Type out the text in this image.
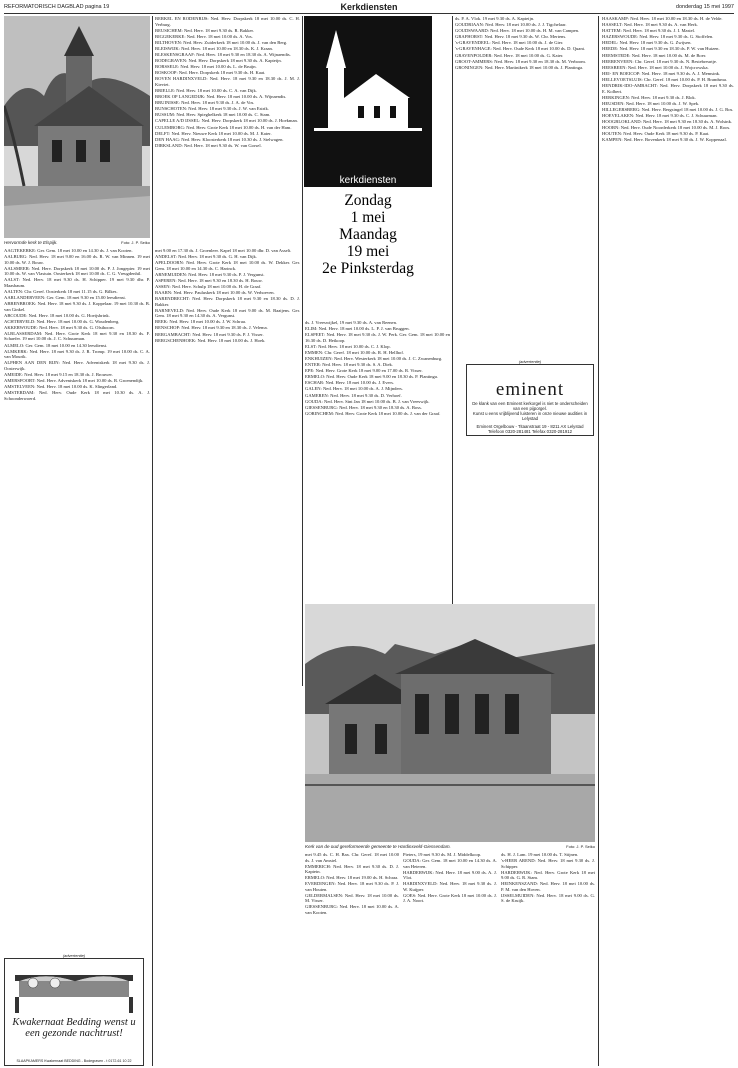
REFORMATORISCH DAGBLAD pagina 19	Kerkdiensten	donderdag 15 mei 1997
Hervormde kerk te Elspijk.	Foto: J. P. Seiko
kerkdiensten
Zondag
1 mei
Maandag
19 mei
2e Pinksterdag

AAGTEKERKE: Ger. Gem. 18 mei 10.00 en 14.30 ds. J. van Kooten.

AALBURG: Ned. Herv. 18 mei 9.00 en 16.00 ds. R. W. van Minnen. 19 mei 10.00 ds. W. J. Bouw.

AALSMEER: Ned. Herv. Dorpskerk 18 mei 10.00 ds. P. J. Jongepier. 19 mei 10.00 ds. W. van Vlastuin. Oosterkerk 18 mei 10.00 ds. C. G. Vreugdenhil.

AALST: Ned. Herv. 18 mei 9.30 ds. H. Schipper. 19 mei 9.30 dhr. P. Maasbaum.

AALTEN: Chr. Geref. Oosterkerk 18 mei 11.15 ds. G. Bilkes.

AARLANDERVEEN: Ger. Gem. 18 mei 9.30 en 15.00 leesdienst.

ABBENBROEK: Ned. Herv. 18 mei 9.30 ds. J. Koppelaar. 19 mei 10.30 ds. B. van Ginkel.

ABCOUDE: Ned. Herv. 18 mei 10.00 ds. G. Hoeijsbrink.

ACHTERVELD: Ned. Herv. 18 mei 10.00 ds. G. Woudenberg.

AKKERWOUDE: Ned. Herv. 18 mei 9.30 ds. G. Olsthoorn.

ALBLASSERDAM: Ned. Herv. Grote Kerk 18 mei 9.30 en 18.30 ds. F. Schaefer. 19 mei 10.00 ds. J. C. Schuurman.

ALMELO: Ger. Gem. 18 mei 10.00 en 14.30 leesdienst.

ALMKERK: Ned. Herv. 18 mei 9.30 ds. J. R. Tromp. 19 mei 10.00 ds. C. A. van Mourik.

ALPHEN AAN DEN RIJN: Ned. Herv. Adventskerk 18 mei 9.30 ds. J. Oosterwijk.

AMEIDE: Ned. Herv. 18 mei 9.15 en 18.30 ds. J. Brouwer.

AMERSFOORT: Ned. Herv. Adventskerk 18 mei 10.00 ds. R. Groenendijk.

AMSTELVEEN: Ned. Herv. 18 mei 10.00 ds. K. Slingerland.

AMSTERDAM: Ned. Herv. Oude Kerk 18 mei 10.30 ds. A. J. Schoonderwoerd.

mei 9.00 en 17.30 ds. J. Groenleer. Kapel 18 mei 10.00 dhr. D. van Asselt.

ANDELST: Ned. Herv. 18 mei 9.30 ds. G. H. van Dijk.

APELDOORN: Ned. Herv. Grote Kerk 18 mei 10.00 ds. W. Dekker. Ger. Gem. 18 mei 10.00 en 14.30 ds. C. Harinck.

ARNEMUIDEN: Ned. Herv. 18 mei 9.30 ds. P. J. Vergunst.

ASPEREN: Ned. Herv. 18 mei 9.30 en 18.30 ds. H. Bouw.

ASSEN: Ned. Herv. Schulp 18 mei 10.00 ds. H. de Graaf.

BAARN: Ned. Herv. Pauluskerk 18 mei 10.00 ds. W. Verhoeven.

BARENDRECHT: Ned. Herv. Dorpskerk 18 mei 9.30 en 18.30 ds. D. J. Bakker.

BARNEVELD: Ned. Herv. Oude Kerk 18 mei 9.00 ds. M. Baaijens. Ger. Gem. 18 mei 9.30 en 14.30 ds. A. Vergunst.

BEEK: Ned. Herv. 18 mei 10.00 ds. J. W. Schraa.

BENSCHOP: Ned. Herv. 18 mei 9.30 en 18.30 ds. J. Velema.

BERGAMBACHT: Ned. Herv. 18 mei 9.30 ds. P. J. Visser.

BERGSCHENHOEK: Ned. Herv. 18 mei 10.00 ds. J. Hoek.

BERKEL EN RODENRIJS: Ned. Herv. Dorpskerk 18 mei 10.00 ds. C. H. Verburg.

BEUSICHEM: Ned. Herv. 18 mei 9.30 ds. R. Bakker.

BIGGEKERKE: Ned. Herv. 18 mei 10.00 ds. A. Vos.

BILTHOVEN: Ned. Herv. Zuiderkerk 18 mei 10.00 ds. J. van den Berg.

BLEISWIJK: Ned. Herv. 18 mei 10.00 en 18.30 ds. K. J. Kraan.

BLESKENSGRAAF: Ned. Herv. 18 mei 9.30 en 18.30 ds. A. Wijnaendts.

BODEGRAVEN: Ned. Herv. Dorpskerk 18 mei 9.30 ds. A. Kapteijn.

BORSSELE: Ned. Herv. 18 mei 10.00 ds. L. de Bruijn.

BOSKOOP: Ned. Herv. Dorpskerk 18 mei 9.30 ds. H. Kaat.

BOVEN HARDINXVELD: Ned. Herv. 18 mei 9.30 en 18.30 ds. J. M. J. Kieviet.

BRIELLE: Ned. Herv. 18 mei 10.00 ds. C. A. van Dijk.

BROEK OP LANGEDIJK: Ned. Herv. 18 mei 10.00 ds. A. Wijnaendts.

BRUINISSE: Ned. Herv. 18 mei 9.30 ds. J. A. de Vos.

BUNSCHOTEN: Ned. Herv. 18 mei 9.30 ds. J. W. van Estrik.

BUSSUM: Ned. Herv. Spieghelkerk 18 mei 10.00 ds. C. Stam.

CAPELLE A/D IJSSEL: Ned. Herv. Dorpskerk 18 mei 10.00 ds. J. Hoekman.

CULEMBORG: Ned. Herv. Grote Kerk 18 mei 10.00 ds. H. van der Ham.

DELFT: Ned. Herv. Nieuwe Kerk 18 mei 10.00 ds. M. J. Kater.

DEN HAAG: Ned. Herv. Kloosterkerk 18 mei 10.30 ds. J. Stelwagen.

DIRKSLAND: Ned. Herv. 18 mei 9.30 ds. W. van Gorsel.

ds. J. Vreeswijkel, 19 mei 9.30 ds. A. van Reenen.

ELIM: Ned. Herv. 18 mei 10.00 ds. L. P. J. van Bruggen.

ELSPEET: Ned. Herv. 18 mei 9.30 ds. J. W. Perk. Ger. Gem. 18 mei 10.00 en 16.30 ds. D. Heikoop.

ELST: Ned. Herv. 18 mei 10.00 ds. C. J. Klop.

EMMEN: Chr. Geref. 18 mei 10.00 ds. R. H. Hellhof.

ENKHUIZEN: Ned. Herv. Westerkerk 18 mei 10.00 ds. J. C. Zwanenburg.

ENTER: Ned. Herv. 18 mei 9.30 ds. S. A. Diek.

EPE: Ned. Herv. Grote Kerk 18 mei 9.00 en 17.00 ds. R. Visser.

ERMELO: Ned. Herv. Oude Kerk 18 mei 9.00 en 18.30 ds. P. Plantinga.

ESCHAR: Ned. Herv. 18 mei 10.00 ds. J. Evers.

GALEN: Ned. Herv. 18 mei 10.00 ds. A. J. Mijnders.

GAMEREN: Ned. Herv. 18 mei 9.30 ds. D. Verhoef.

GOUDA: Ned. Herv. Sint Jan 18 mei 10.00 ds. B. J. van Vreeswijk.

GIESSENBURG: Ned. Herv. 18 mei 9.30 en 18.30 ds. A. Boss.

GORINCHEM: Ned. Herv. Grote Kerk 18 mei 10.00 ds. J. van der Graaf.

ds. P. A. Vlok. 19 mei 9.30 ds. A. Kapteijn.

GOUDRIAAN: Ned. Herv. 18 mei 10.00 ds. J. J. Tigchelaar.

GOUDSWAARD: Ned. Herv. 18 mei 10.00 ds. H. M. van Campen.

GRAFHORST: Ned. Herv. 18 mei 9.30 ds. W. Chr. Mertens.

's-GRAVENDEEL: Ned. Herv. 18 mei 10.00 ds. J. de Gier.

's-GRAVENHAGE: Ned. Herv. Oude Kerk 18 mei 10.00 ds. D. Quant.

GRAVENPOLDER: Ned. Herv. 18 mei 10.00 ds. G. Kater.

GROOT-AMMERS: Ned. Herv. 18 mei 9.30 en 18.30 ds. M. Verboom.

GRONINGEN: Ned. Herv. Martinikerk 18 mei 10.00 ds. J. Plantinga.

(advertentie)
eminent
De klank van een Eminent kerkorgel is niet te onderscheiden van een pijporgel.
Kunst u eens vrijblijvend luisteren in onze nieuwe audities in Lelystad
Eminent Orgelbouw - Titaanstraat 19 - 8211 AX Lelystad
Telefoon 0320-281481 Telefax 0320-281912

HAASKAMP: Ned. Herv. 18 mei 10.00 en 18.30 ds. H. de Velde.

HASSELT: Ned. Herv. 18 mei 9.30 ds. A. van Herk.

HATTEM: Ned. Herv. 18 mei 9.30 ds. J. I. Mastel.

HAZERSWOUDE: Ned. Herv. 18 mei 9.30 ds. G. Stoffelen.

HEDEL: Ned. Herv. 18 mei 9.30 ds. G. Zwijsen.

HEEDE: Ned. Herv. 18 mei 9.30 en 18.30 ds. P. W. van Huizen.

HEEMSTEDE: Ned. Herv. 18 mei 10.00 ds. M. de Boer.

HEERENVEEN: Chr. Geref. 18 mei 9.30 ds. N. Bestebreurtje.

HEESBEEN: Ned. Herv. 18 mei 10.00 ds. J. Wojcrowska.

HEI- EN BOEICOP: Ned. Herv. 18 mei 9.30 ds. A. J. Memsink.

HELLEVOETSLUIS: Chr. Geref. 18 mei 10.00 ds. P. H. Brandsma.

HENDRIK-IDO-AMBACHT: Ned. Herv. Dorpskerk 18 mei 9.30 ds. E. Kolbert.

HERKINGEN: Ned. Herv. 18 mei 9.30 ds. J. Blok.

HEUSDEN: Ned. Herv. 18 mei 10.00 ds. J. W. Spek.

HILLEGERSBERG: Ned. Herv. Bergsingel 18 mei 10.00 ds. J. G. Bos.

HOEVELAKEN: Ned. Herv. 18 mei 9.30 ds. C. J. Schuurman.

HOOGBLOKLAND: Ned. Herv. 18 mei 9.30 en 18.30 ds. A. Wolsink.

HOORN: Ned. Herv. Oude Noorderkerk 18 mei 10.00 ds. M. J. Roos.

HOUTEN: Ned. Herv. Oude Kerk 18 mei 9.30 ds. P. Kaat.

KAMPEN: Ned. Herv. Bovenkerk 18 mei 9.30 ds. J. W. Koppenaal.

Kerk van de oud gereformeerde gemeente te Hardinxveld-Giessendam.	Foto: J. P. Seiko

mei 9.45 ds. C. H. Bax. Chr. Geref. 18 mei 10.00 ds. J. van Amstel.

EMMERICH: Ned. Herv. 18 mei 9.30 ds. D. J. Kaptein.

ERMELO: Ned. Herv. 18 mei 19.00 ds. H. Schraa.

EVERDINGEN: Ned. Herv. 18 mei 9.30 ds. P. J. van Houten.

GELDERMALSEN: Ned. Herv. 18 mei 10.00 ds. M. Visser.

GIESSENBURG: Ned. Herv. 18 mei 10.00 ds. A. van Kooten.

Pieters, 19 mei 9.30 ds. M. J. Middelkoop.

GOUDA: Ger. Gem. 18 mei 10.00 en 14.30 ds. A. van Heteren.

HARDERWIJK: Ned. Herv. 18 mei 9.00 ds. A. J. Vlot.

HARDINXVELD: Ned. Herv. 18 mei 9.30 ds. J. W. Kuijper.

GOES: Ned. Herv. Grote Kerk 18 mei 10.00 ds. J. J. A. Noort.

ds. H. J. Lam. 19 mei 10.00 ds. T. Stijnen.

's-HEER AREND: Ned. Herv. 18 mei 9.30 ds. J. Schipper.

HARDERWIJK: Ned. Herv. Grote Kerk 18 mei 9.00 ds. G. R. Stam.

HEINKENSZAND: Ned. Herv. 18 mei 10.00 ds. P. M. van den Hoven.

IJSSELMUIDEN: Ned. Herv. 18 mei 9.00 ds. G. S. de Kruijk.

(advertentie)
Kwakernaat Bedding wenst u een gezonde nachtrust!
SLAAPKAMERS Kwakernaat BEDDING - Bodegraven - t 0172-61 10 22
